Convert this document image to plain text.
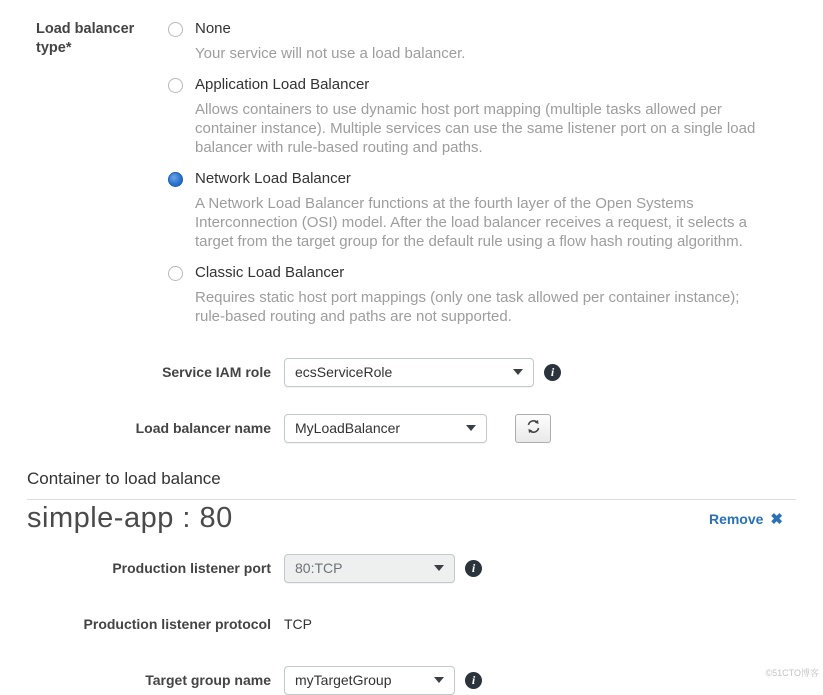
Load balancer type*
None
Your service will not use a load balancer.
Application Load Balancer
Allows containers to use dynamic host port mapping (multiple tasks allowed per container instance). Multiple services can use the same listener port on a single load balancer with rule-based routing and paths.
Network Load Balancer
A Network Load Balancer functions at the fourth layer of the Open Systems Interconnection (OSI) model. After the load balancer receives a request, it selects a target from the target group for the default rule using a flow hash routing algorithm.
Classic Load Balancer
Requires static host port mappings (only one task allowed per container instance); rule-based routing and paths are not supported.
Service IAM role ecsServiceRole	i
Load balancer name MyLoadBalancer
Container to load balance
simple-app : 80	Remove ✖
Production listener port 80:TCP	i
Production listener protocol TCP
Target group name myTargetGroup	i	©51CTO博客
